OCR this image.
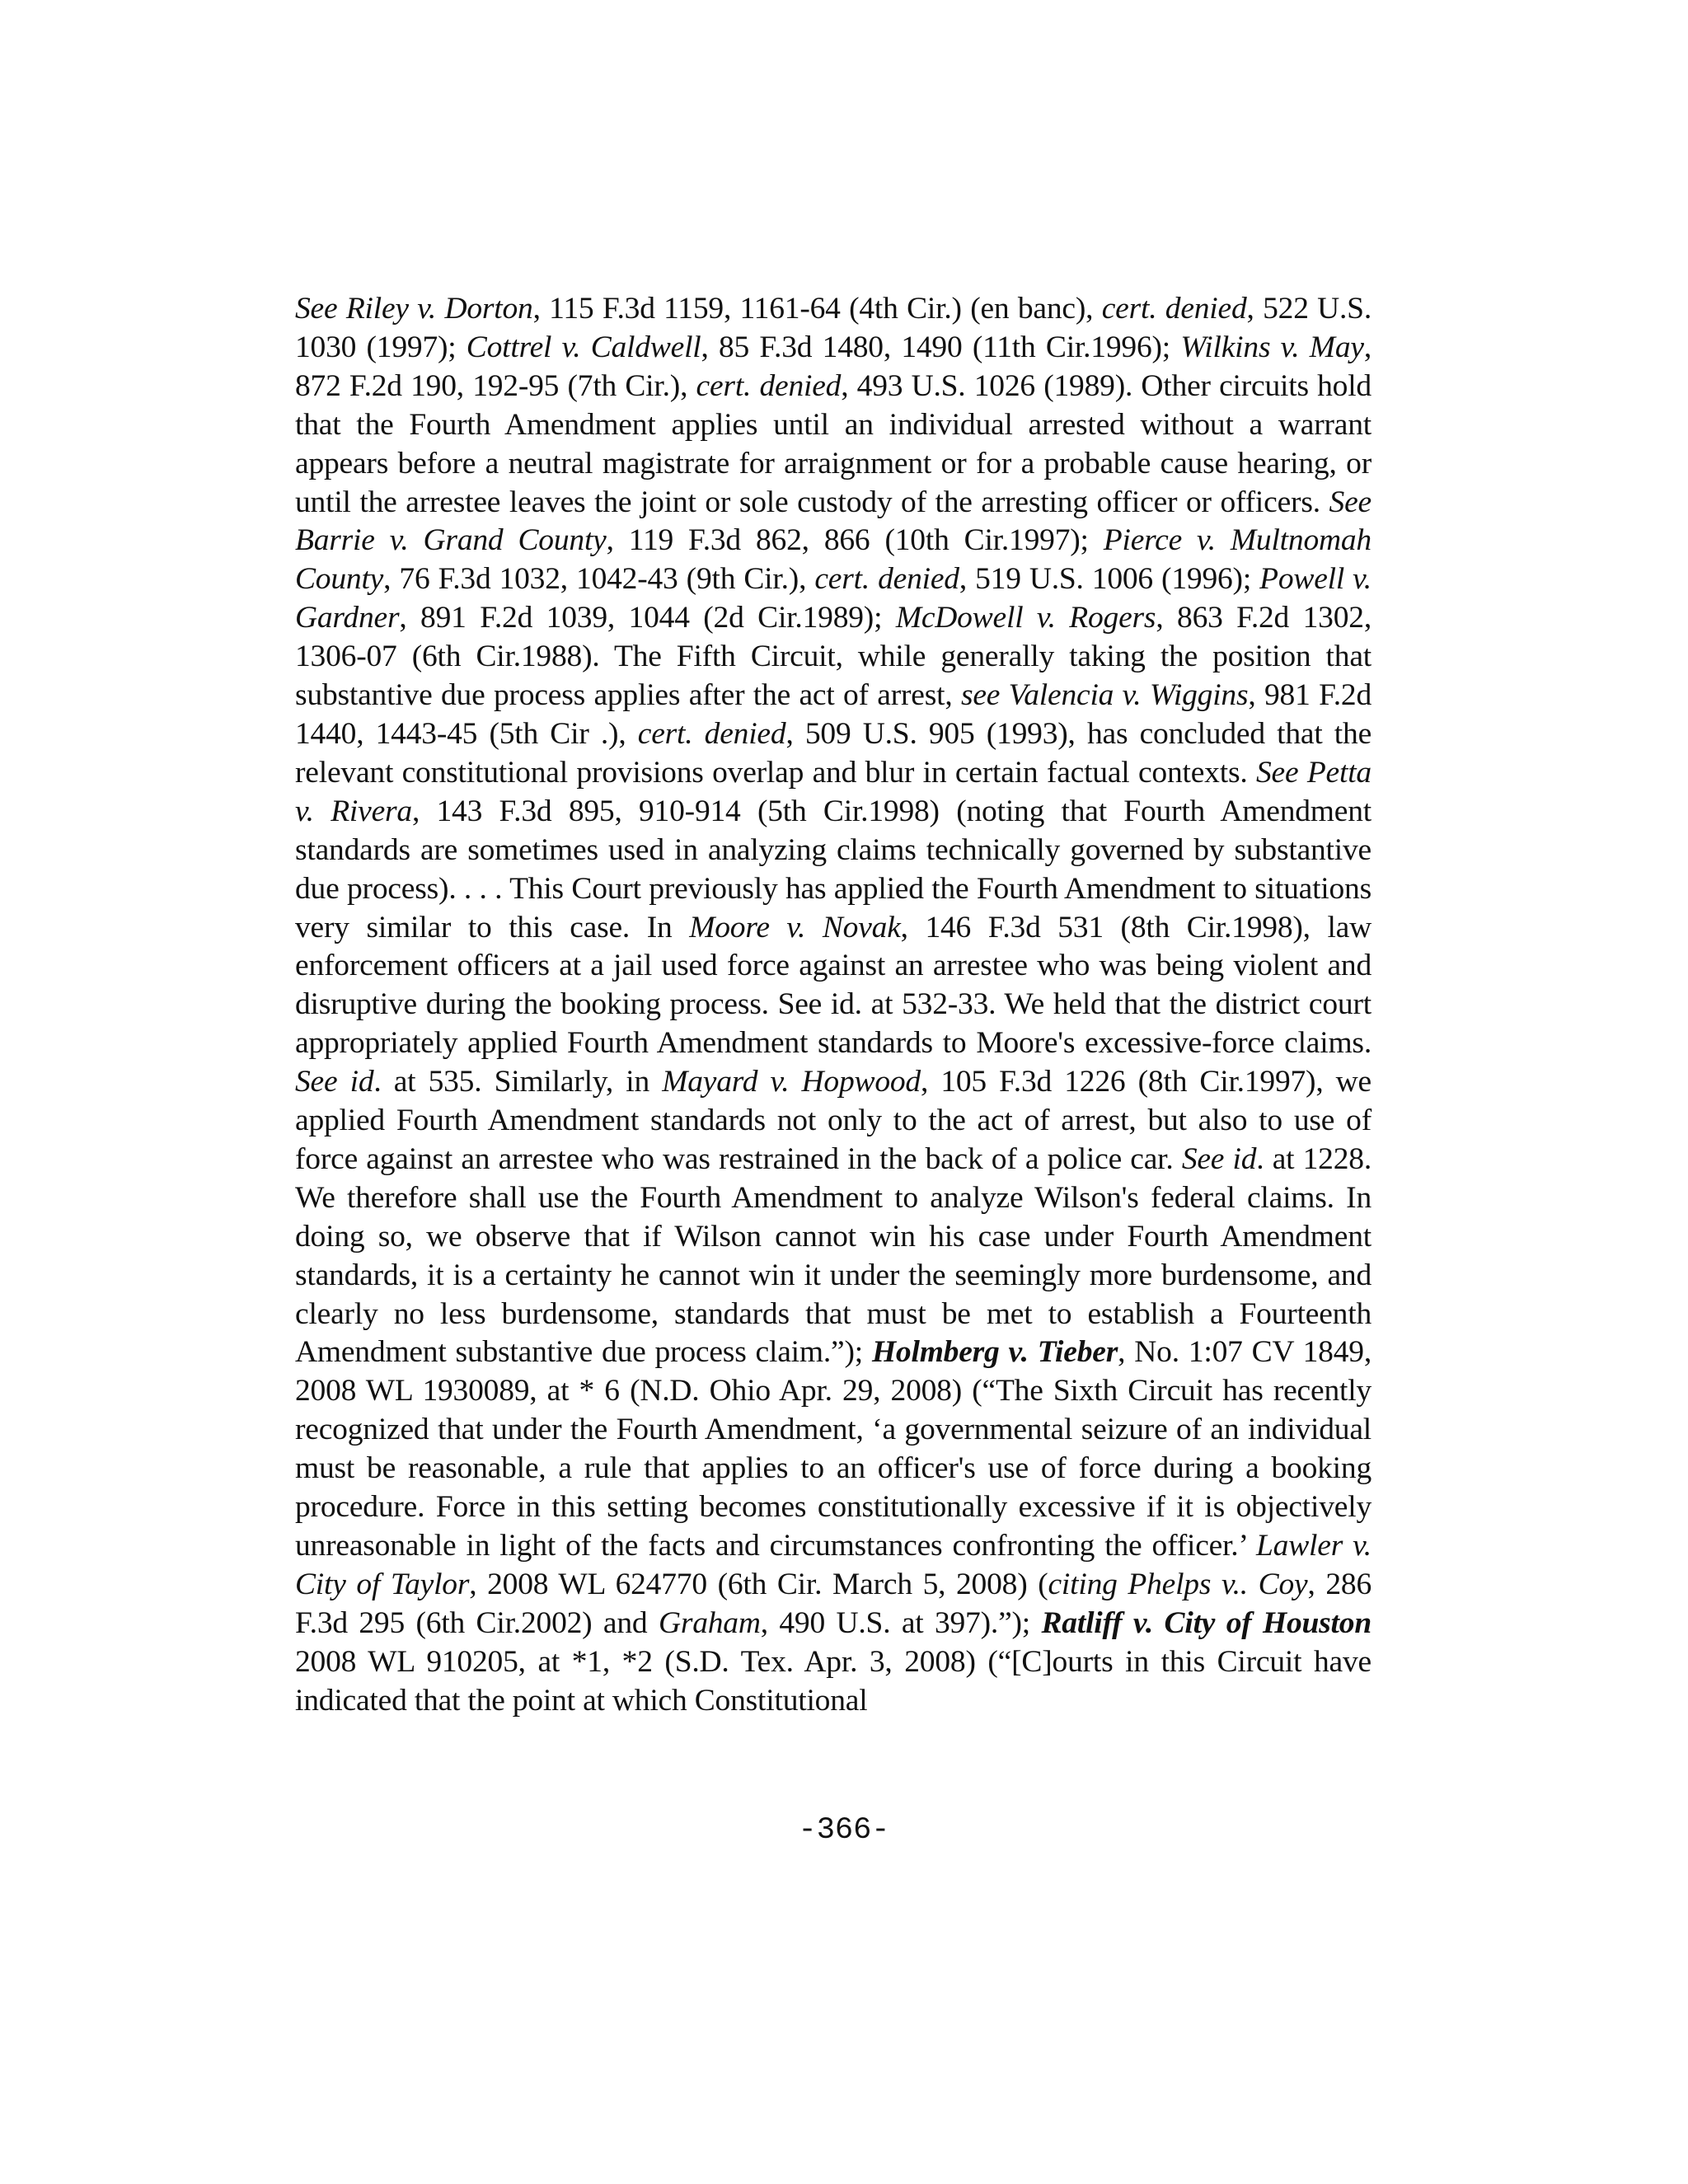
See Riley v. Dorton, 115 F.3d 1159, 1161-64 (4th Cir.) (en banc), cert. denied, 522 U.S. 1030 (1997); Cottrel v. Caldwell, 85 F.3d 1480, 1490 (11th Cir.1996); Wilkins v. May, 872 F.2d 190, 192-95 (7th Cir.), cert. denied, 493 U.S. 1026 (1989). Other circuits hold that the Fourth Amendment applies until an individual arrested without a warrant appears before a neutral magistrate for arraignment or for a probable cause hearing, or until the arrestee leaves the joint or sole custody of the arresting officer or officers. See Barrie v. Grand County, 119 F.3d 862, 866 (10th Cir.1997); Pierce v. Multnomah County, 76 F.3d 1032, 1042-43 (9th Cir.), cert. denied, 519 U.S. 1006 (1996); Powell v. Gardner, 891 F.2d 1039, 1044 (2d Cir.1989); McDowell v. Rogers, 863 F.2d 1302, 1306-07 (6th Cir.1988). The Fifth Circuit, while generally taking the position that substantive due process applies after the act of arrest, see Valencia v. Wiggins, 981 F.2d 1440, 1443-45 (5th Cir .), cert. denied, 509 U.S. 905 (1993), has concluded that the relevant constitutional provisions overlap and blur in certain factual contexts. See Petta v. Rivera, 143 F.3d 895, 910-914 (5th Cir.1998) (noting that Fourth Amendment standards are sometimes used in analyzing claims technically governed by substantive due process). . . . This Court previously has applied the Fourth Amendment to situations very similar to this case. In Moore v. Novak, 146 F.3d 531 (8th Cir.1998), law enforcement officers at a jail used force against an arrestee who was being violent and disruptive during the booking process. See id. at 532-33. We held that the district court appropriately applied Fourth Amendment standards to Moore's excessive-force claims. See id. at 535. Similarly, in Mayard v. Hopwood, 105 F.3d 1226 (8th Cir.1997), we applied Fourth Amendment standards not only to the act of arrest, but also to use of force against an arrestee who was restrained in the back of a police car. See id. at 1228. We therefore shall use the Fourth Amendment to analyze Wilson's federal claims. In doing so, we observe that if Wilson cannot win his case under Fourth Amendment standards, it is a certainty he cannot win it under the seemingly more burdensome, and clearly no less burdensome, standards that must be met to establish a Fourteenth Amendment substantive due process claim.”); Holmberg v. Tieber, No. 1:07 CV 1849, 2008 WL 1930089, at * 6 (N.D. Ohio Apr. 29, 2008) (“The Sixth Circuit has recently recognized that under the Fourth Amendment, ‘a governmental seizure of an individual must be reasonable, a rule that applies to an officer's use of force during a booking procedure. Force in this setting becomes constitutionally excessive if it is objectively unreasonable in light of the facts and circumstances confronting the officer.’ Lawler v. City of Taylor, 2008 WL 624770 (6th Cir. March 5, 2008) (citing Phelps v.. Coy, 286 F.3d 295 (6th Cir.2002) and Graham, 490 U.S. at 397).”); Ratliff v. City of Houston 2008 WL 910205, at *1, *2 (S.D. Tex. Apr. 3, 2008) (“[C]ourts in this Circuit have indicated that the point at which Constitutional

-366-
